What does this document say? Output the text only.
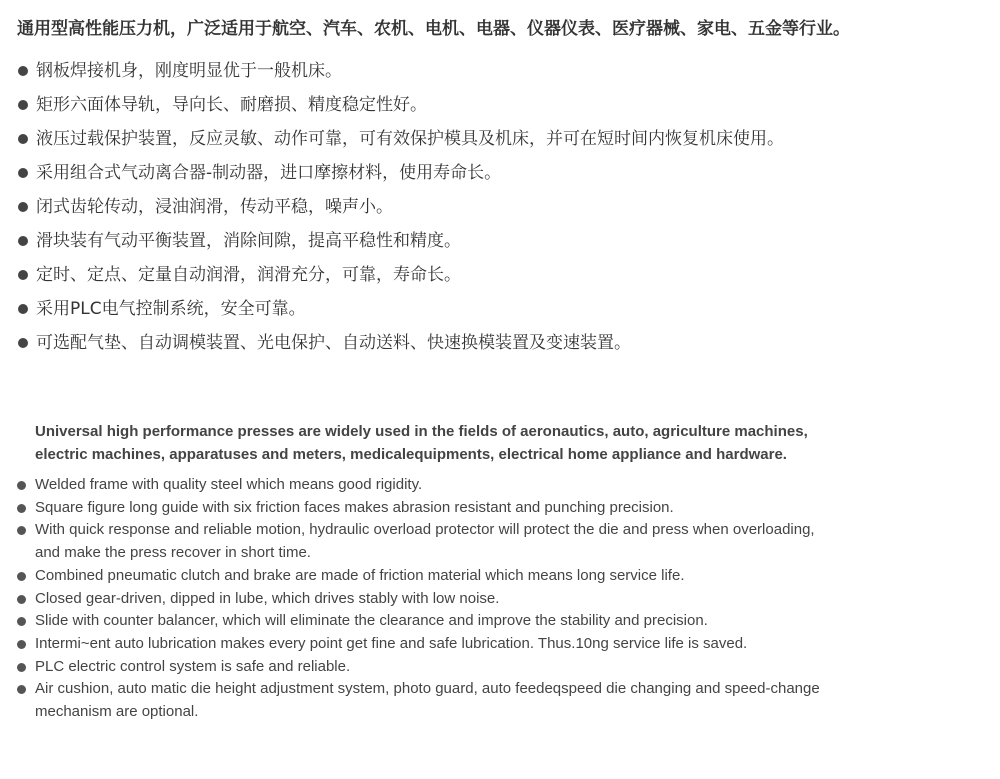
通用型高性能压力机，广泛适用于航空、汽车、农机、电机、电器、仪器仪表、医疗器械、家电、五金等行业。
钢板焊接机身，刚度明显优于一般机床。
矩形六面体导轨，导向长、耐磨损、精度稳定性好。
液压过载保护装置，反应灵敏、动作可靠，可有效保护模具及机床，并可在短时间内恢复机床使用。
采用组合式气动离合器-制动器，进口摩擦材料，使用寿命长。
闭式齿轮传动，浸油润滑，传动平稳，噪声小。
滑块装有气动平衡装置，消除间隙，提高平稳性和精度。
定时、定点、定量自动润滑，润滑充分，可靠，寿命长。
采用PLC电气控制系统，安全可靠。
可选配气垫、自动调模装置、光电保护、自动送料、快速换模装置及变速装置。
Universal high performance presses are widely used in the fields of aeronautics, auto, agriculture machines, electric machines, apparatuses and meters, medicalequipments, electrical home appliance and hardware.
Welded frame with quality steel which means good rigidity.
Square figure long guide with six friction faces makes abrasion resistant and punching precision.
With quick response and reliable motion, hydraulic overload protector will protect the die and press when overloading, and make the press recover in short time.
Combined pneumatic clutch and brake are made of friction material which means long service life.
Closed gear-driven, dipped in lube, which drives stably with low noise.
Slide with counter balancer, which will eliminate the clearance and improve the stability and precision.
Intermi~ent auto lubrication makes every point get fine and safe lubrication. Thus.10ng service life is saved.
PLC electric control system is safe and reliable.
Air cushion, auto matic die height adjustment system, photo guard, auto feedeqspeed die changing and speed-change mechanism are optional.
